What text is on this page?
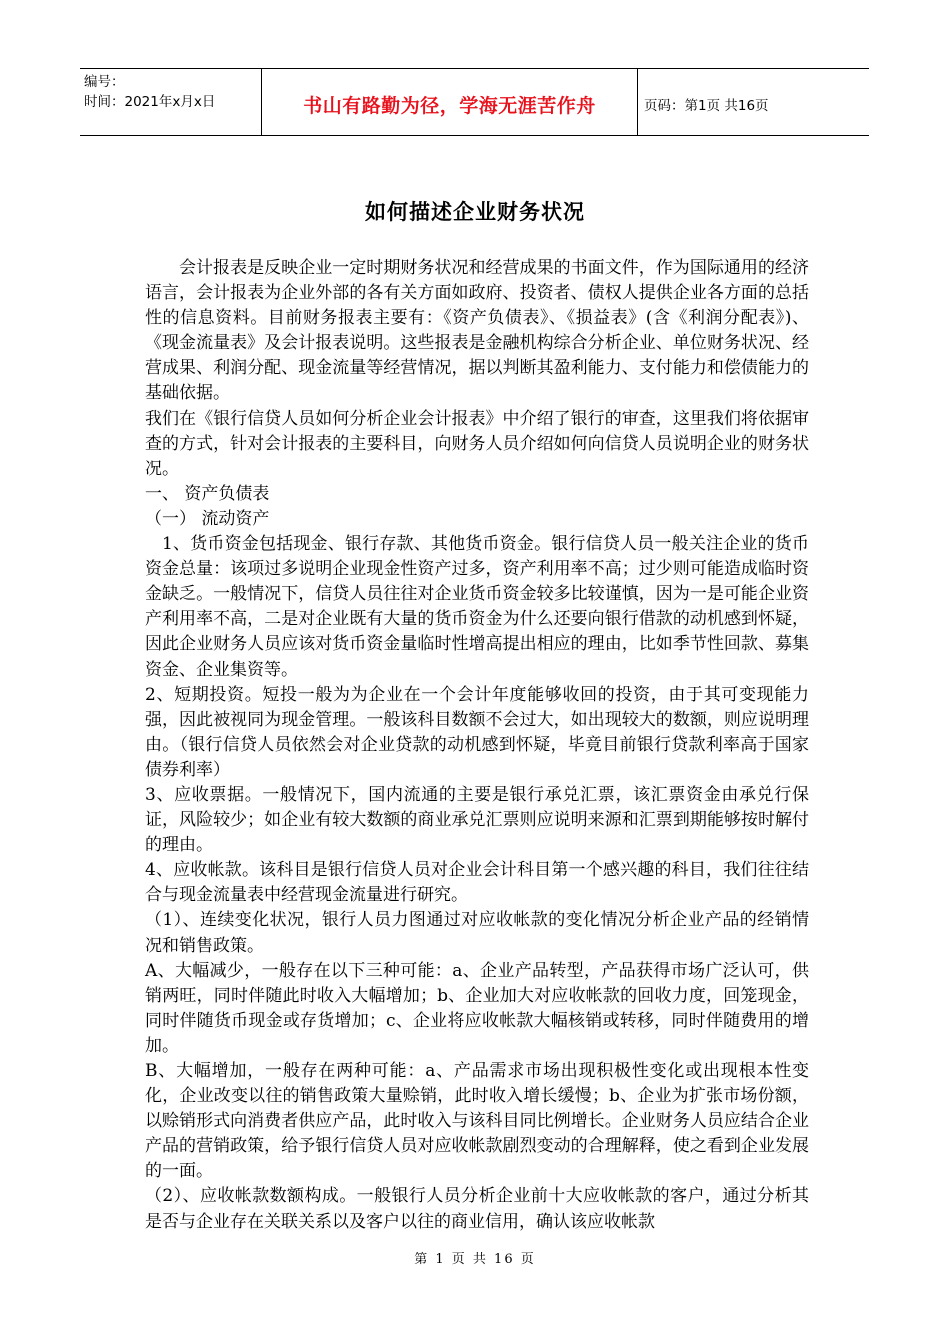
编号：
时间：2021年x月x日	书山有路勤为径，学海无涯苦作舟	页码：第1页 共16页
如何描述企业财务状况

会计报表是反映企业一定时期财务状况和经营成果的书面文件，作为国际通用的经济语言，会计报表为企业外部的各有关方面如政府、投资者、债权人提供企业各方面的总括性的信息资料。目前财务报表主要有：《资产负债表》、《损益表》(含《利润分配表》)、《现金流量表》及会计报表说明。这些报表是金融机构综合分析企业、单位财务状况、经营成果、利润分配、现金流量等经营情况，据以判断其盈利能力、支付能力和偿债能力的基础依据。

我们在《银行信贷人员如何分析企业会计报表》中介绍了银行的审查，这里我们将依据审查的方式，针对会计报表的主要科目，向财务人员介绍如何向信贷人员说明企业的财务状况。

一、 资产负债表

（一） 流动资产

1、货币资金包括现金、银行存款、其他货币资金。银行信贷人员一般关注企业的货币资金总量：该项过多说明企业现金性资产过多，资产利用率不高；过少则可能造成临时资金缺乏。一般情况下，信贷人员往往对企业货币资金较多比较谨慎，因为一是可能企业资产利用率不高，二是对企业既有大量的货币资金为什么还要向银行借款的动机感到怀疑，因此企业财务人员应该对货币资金量临时性增高提出相应的理由，比如季节性回款、募集资金、企业集资等。

2、短期投资。短投一般为为企业在一个会计年度能够收回的投资，由于其可变现能力强，因此被视同为现金管理。一般该科目数额不会过大，如出现较大的数额，则应说明理由。（银行信贷人员依然会对企业贷款的动机感到怀疑，毕竟目前银行贷款利率高于国家债券利率）

3、应收票据。一般情况下，国内流通的主要是银行承兑汇票，该汇票资金由承兑行保证，风险较少；如企业有较大数额的商业承兑汇票则应说明来源和汇票到期能够按时解付的理由。

4、应收帐款。该科目是银行信贷人员对企业会计科目第一个感兴趣的科目，我们往往结合与现金流量表中经营现金流量进行研究。

（1）、连续变化状况，银行人员力图通过对应收帐款的变化情况分析企业产品的经销情况和销售政策。

A、大幅减少，一般存在以下三种可能：a、企业产品转型，产品获得市场广泛认可，供销两旺，同时伴随此时收入大幅增加；b、企业加大对应收帐款的回收力度，回笼现金，同时伴随货币现金或存货增加；c、企业将应收帐款大幅核销或转移，同时伴随费用的增加。

B、大幅增加，一般存在两种可能：a、产品需求市场出现积极性变化或出现根本性变化，企业改变以往的销售政策大量赊销，此时收入增长缓慢；b、企业为扩张市场份额，以赊销形式向消费者供应产品，此时收入与该科目同比例增长。企业财务人员应结合企业产品的营销政策，给予银行信贷人员对应收帐款剧烈变动的合理解释，使之看到企业发展的一面。

（2）、应收帐款数额构成。一般银行人员分析企业前十大应收帐款的客户，通过分析其是否与企业存在关联关系以及客户以往的商业信用，确认该应收帐款

第 1 页 共 16 页
